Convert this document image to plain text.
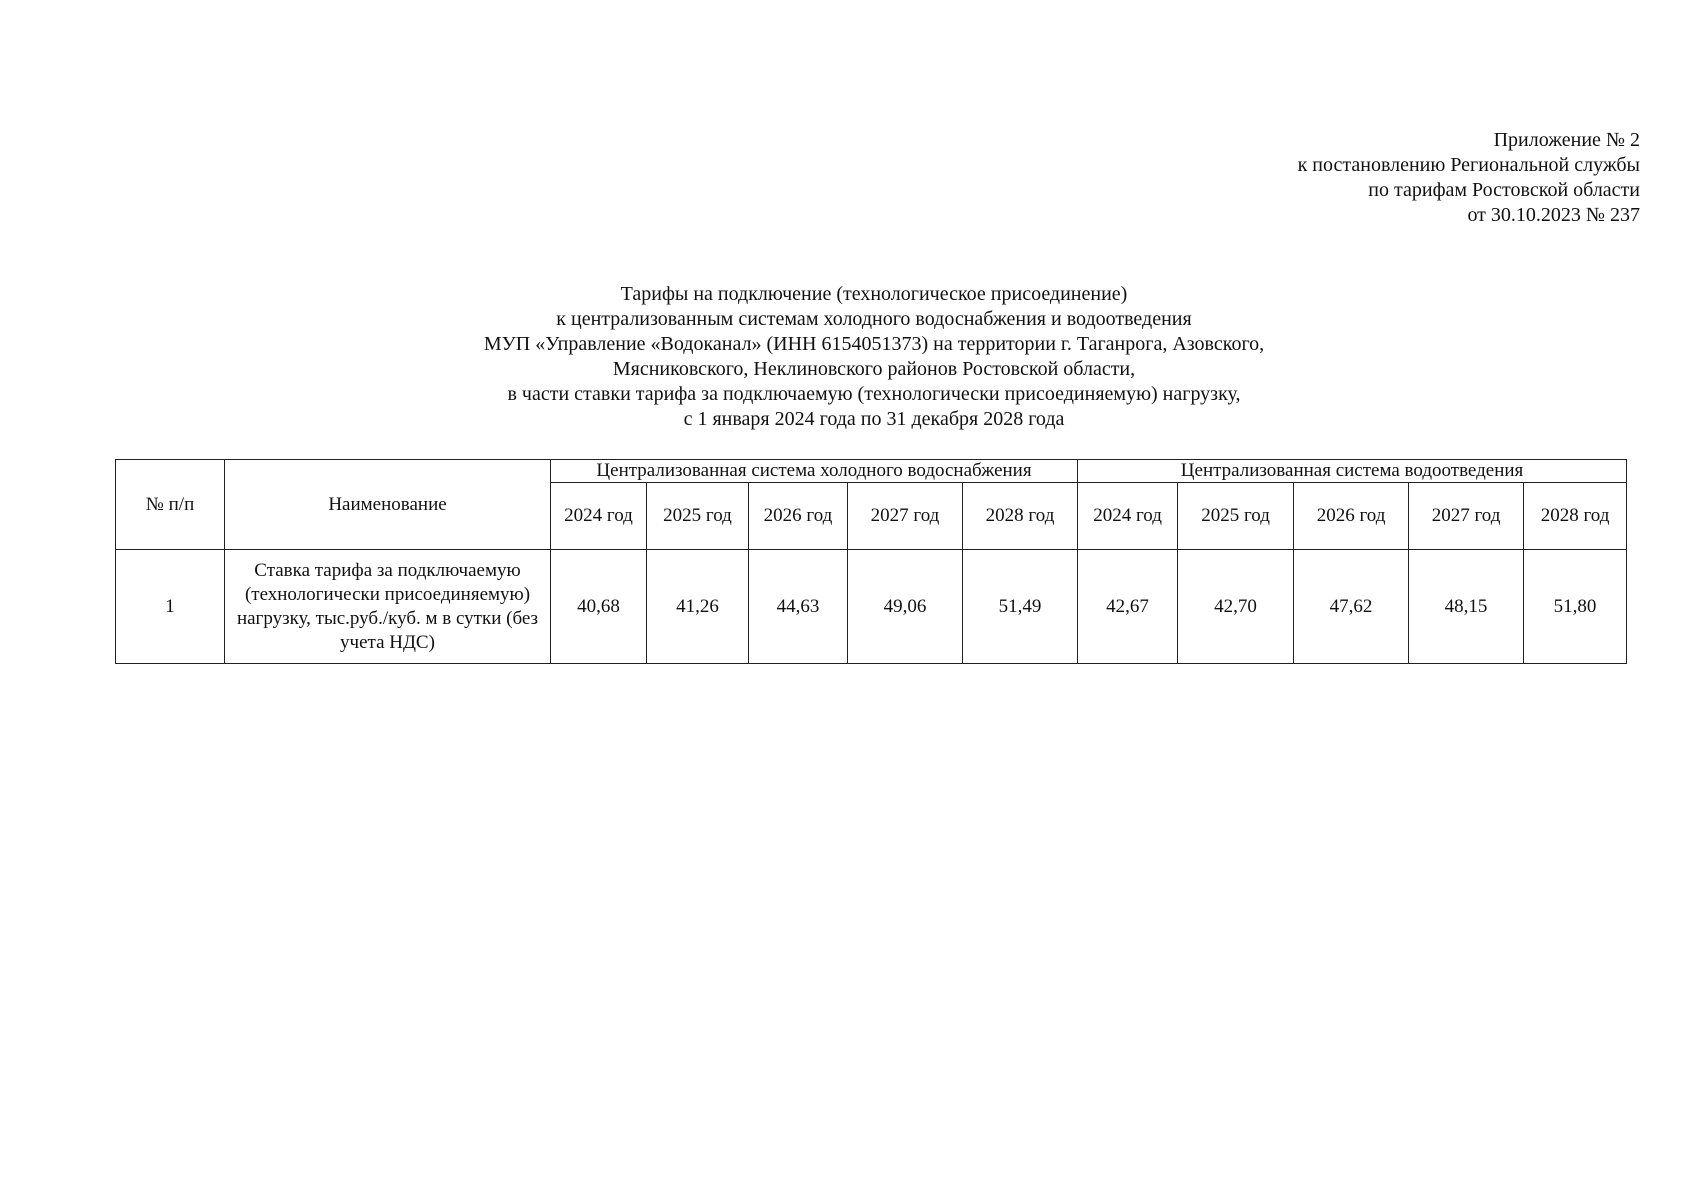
Приложение № 2
к постановлению Региональной службы
по тарифам Ростовской области
от 30.10.2023 № 237
Тарифы на подключение (технологическое присоединение)
к централизованным системам холодного водоснабжения и водоотведения
МУП «Управление «Водоканал» (ИНН 6154051373) на территории г. Таганрога, Азовского,
Мясниковского, Неклиновского районов Ростовской области,
в части ставки тарифа за подключаемую (технологически присоединяемую) нагрузку,
с 1 января 2024 года по 31 декабря 2028 года
№ п/п	Наименование	Централизованная система холодного водоснабжения					Централизованная система водоотведения				
		2024 год	2025 год	2026 год	2027 год	2028 год	2024 год	2025 год	2026 год	2027 год	2028 год
1	Ставка тарифа за подключаемую (технологически присоединяемую) нагрузку, тыс.руб./куб. м в сутки (без учета НДС)	40,68	41,26	44,63	49,06	51,49	42,67	42,70	47,62	48,15	51,80
